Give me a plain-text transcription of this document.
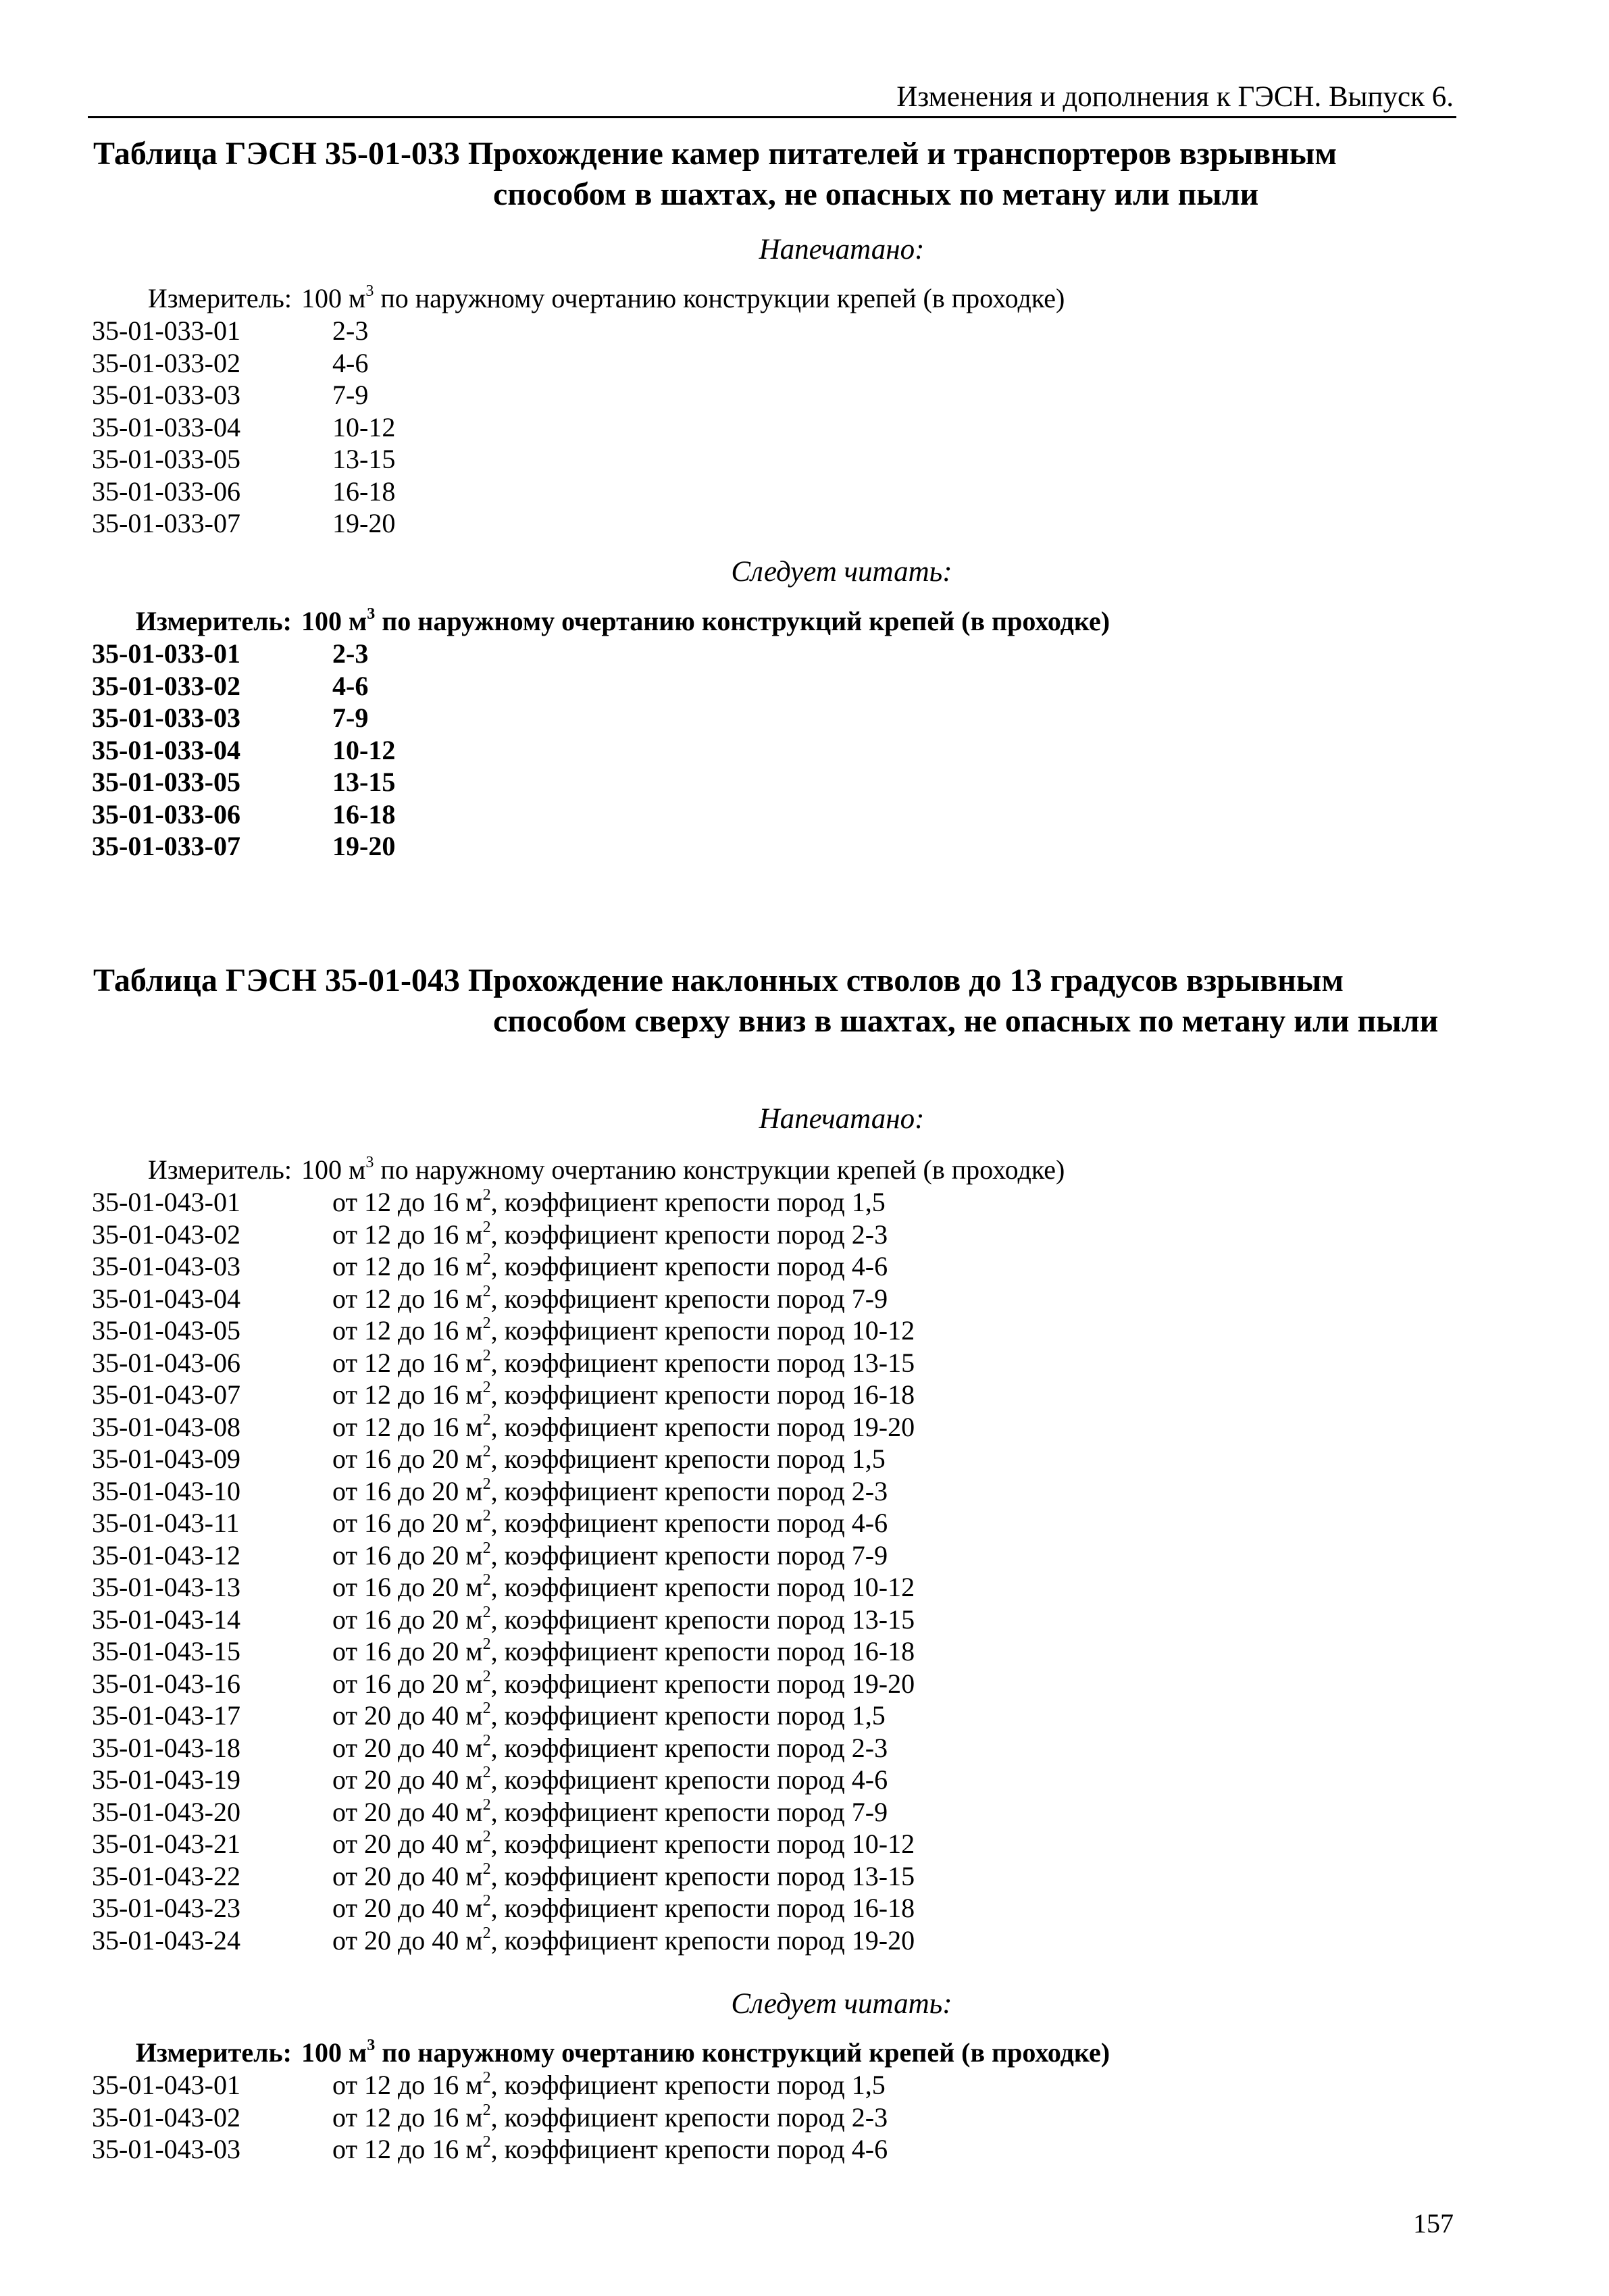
Изменения и дополнения к ГЭСН. Выпуск 6.
Таблица ГЭСН 35-01-033 Прохождение камер питателей и транспортеров взрывным
способом в шахтах, не опасных по метану или пыли
Напечатано:
Измеритель: 100 $м^3$ по наружному очертанию конструкции крепей (в проходке)
35-01-033-01	2-3
35-01-033-02	4-6
35-01-033-03	7-9
35-01-033-04	10-12
35-01-033-05	13-15
35-01-033-06	16-18
35-01-033-07	19-20
Следует читать:
Измеритель: 100 $м^3$ по наружному очертанию конструкций крепей (в проходке)
35-01-033-01	2-3
35-01-033-02	4-6
35-01-033-03	7-9
35-01-033-04	10-12
35-01-033-05	13-15
35-01-033-06	16-18
35-01-033-07	19-20
Таблица ГЭСН 35-01-043 Прохождение наклонных стволов до 13 градусов взрывным
способом сверху вниз в шахтах, не опасных по метану или пыли
Напечатано:
Измеритель: 100 $м^3$ по наружному очертанию конструкции крепей (в проходке)
35-01-043-01	от 12 до 16 $м^2$, коэффициент крепости пород 1,5
35-01-043-02	от 12 до 16 $м^2$, коэффициент крепости пород 2-3
35-01-043-03	от 12 до 16 $м^2$, коэффициент крепости пород 4-6
35-01-043-04	от 12 до 16 $м^2$, коэффициент крепости пород 7-9
35-01-043-05	от 12 до 16 $м^2$, коэффициент крепости пород 10-12
35-01-043-06	от 12 до 16 $м^2$, коэффициент крепости пород 13-15
35-01-043-07	от 12 до 16 $м^2$, коэффициент крепости пород 16-18
35-01-043-08	от 12 до 16 $м^2$, коэффициент крепости пород 19-20
35-01-043-09	от 16 до 20 $м^2$, коэффициент крепости пород 1,5
35-01-043-10	от 16 до 20 $м^2$, коэффициент крепости пород 2-3
35-01-043-11	от 16 до 20 $м^2$, коэффициент крепости пород 4-6
35-01-043-12	от 16 до 20 $м^2$, коэффициент крепости пород 7-9
35-01-043-13	от 16 до 20 $м^2$, коэффициент крепости пород 10-12
35-01-043-14	от 16 до 20 $м^2$, коэффициент крепости пород 13-15
35-01-043-15	от 16 до 20 $м^2$, коэффициент крепости пород 16-18
35-01-043-16	от 16 до 20 $м^2$, коэффициент крепости пород 19-20
35-01-043-17	от 20 до 40 $м^2$, коэффициент крепости пород 1,5
35-01-043-18	от 20 до 40 $м^2$, коэффициент крепости пород 2-3
35-01-043-19	от 20 до 40 $м^2$, коэффициент крепости пород 4-6
35-01-043-20	от 20 до 40 $м^2$, коэффициент крепости пород 7-9
35-01-043-21	от 20 до 40 $м^2$, коэффициент крепости пород 10-12
35-01-043-22	от 20 до 40 $м^2$, коэффициент крепости пород 13-15
35-01-043-23	от 20 до 40 $м^2$, коэффициент крепости пород 16-18
35-01-043-24	от 20 до 40 $м^2$, коэффициент крепости пород 19-20
Следует читать:
Измеритель: 100 $м^3$ по наружному очертанию конструкций крепей (в проходке)
35-01-043-01	от 12 до 16 $м^2$, коэффициент крепости пород 1,5
35-01-043-02	от 12 до 16 $м^2$, коэффициент крепости пород 2-3
35-01-043-03	от 12 до 16 $м^2$, коэффициент крепости пород 4-6
157
